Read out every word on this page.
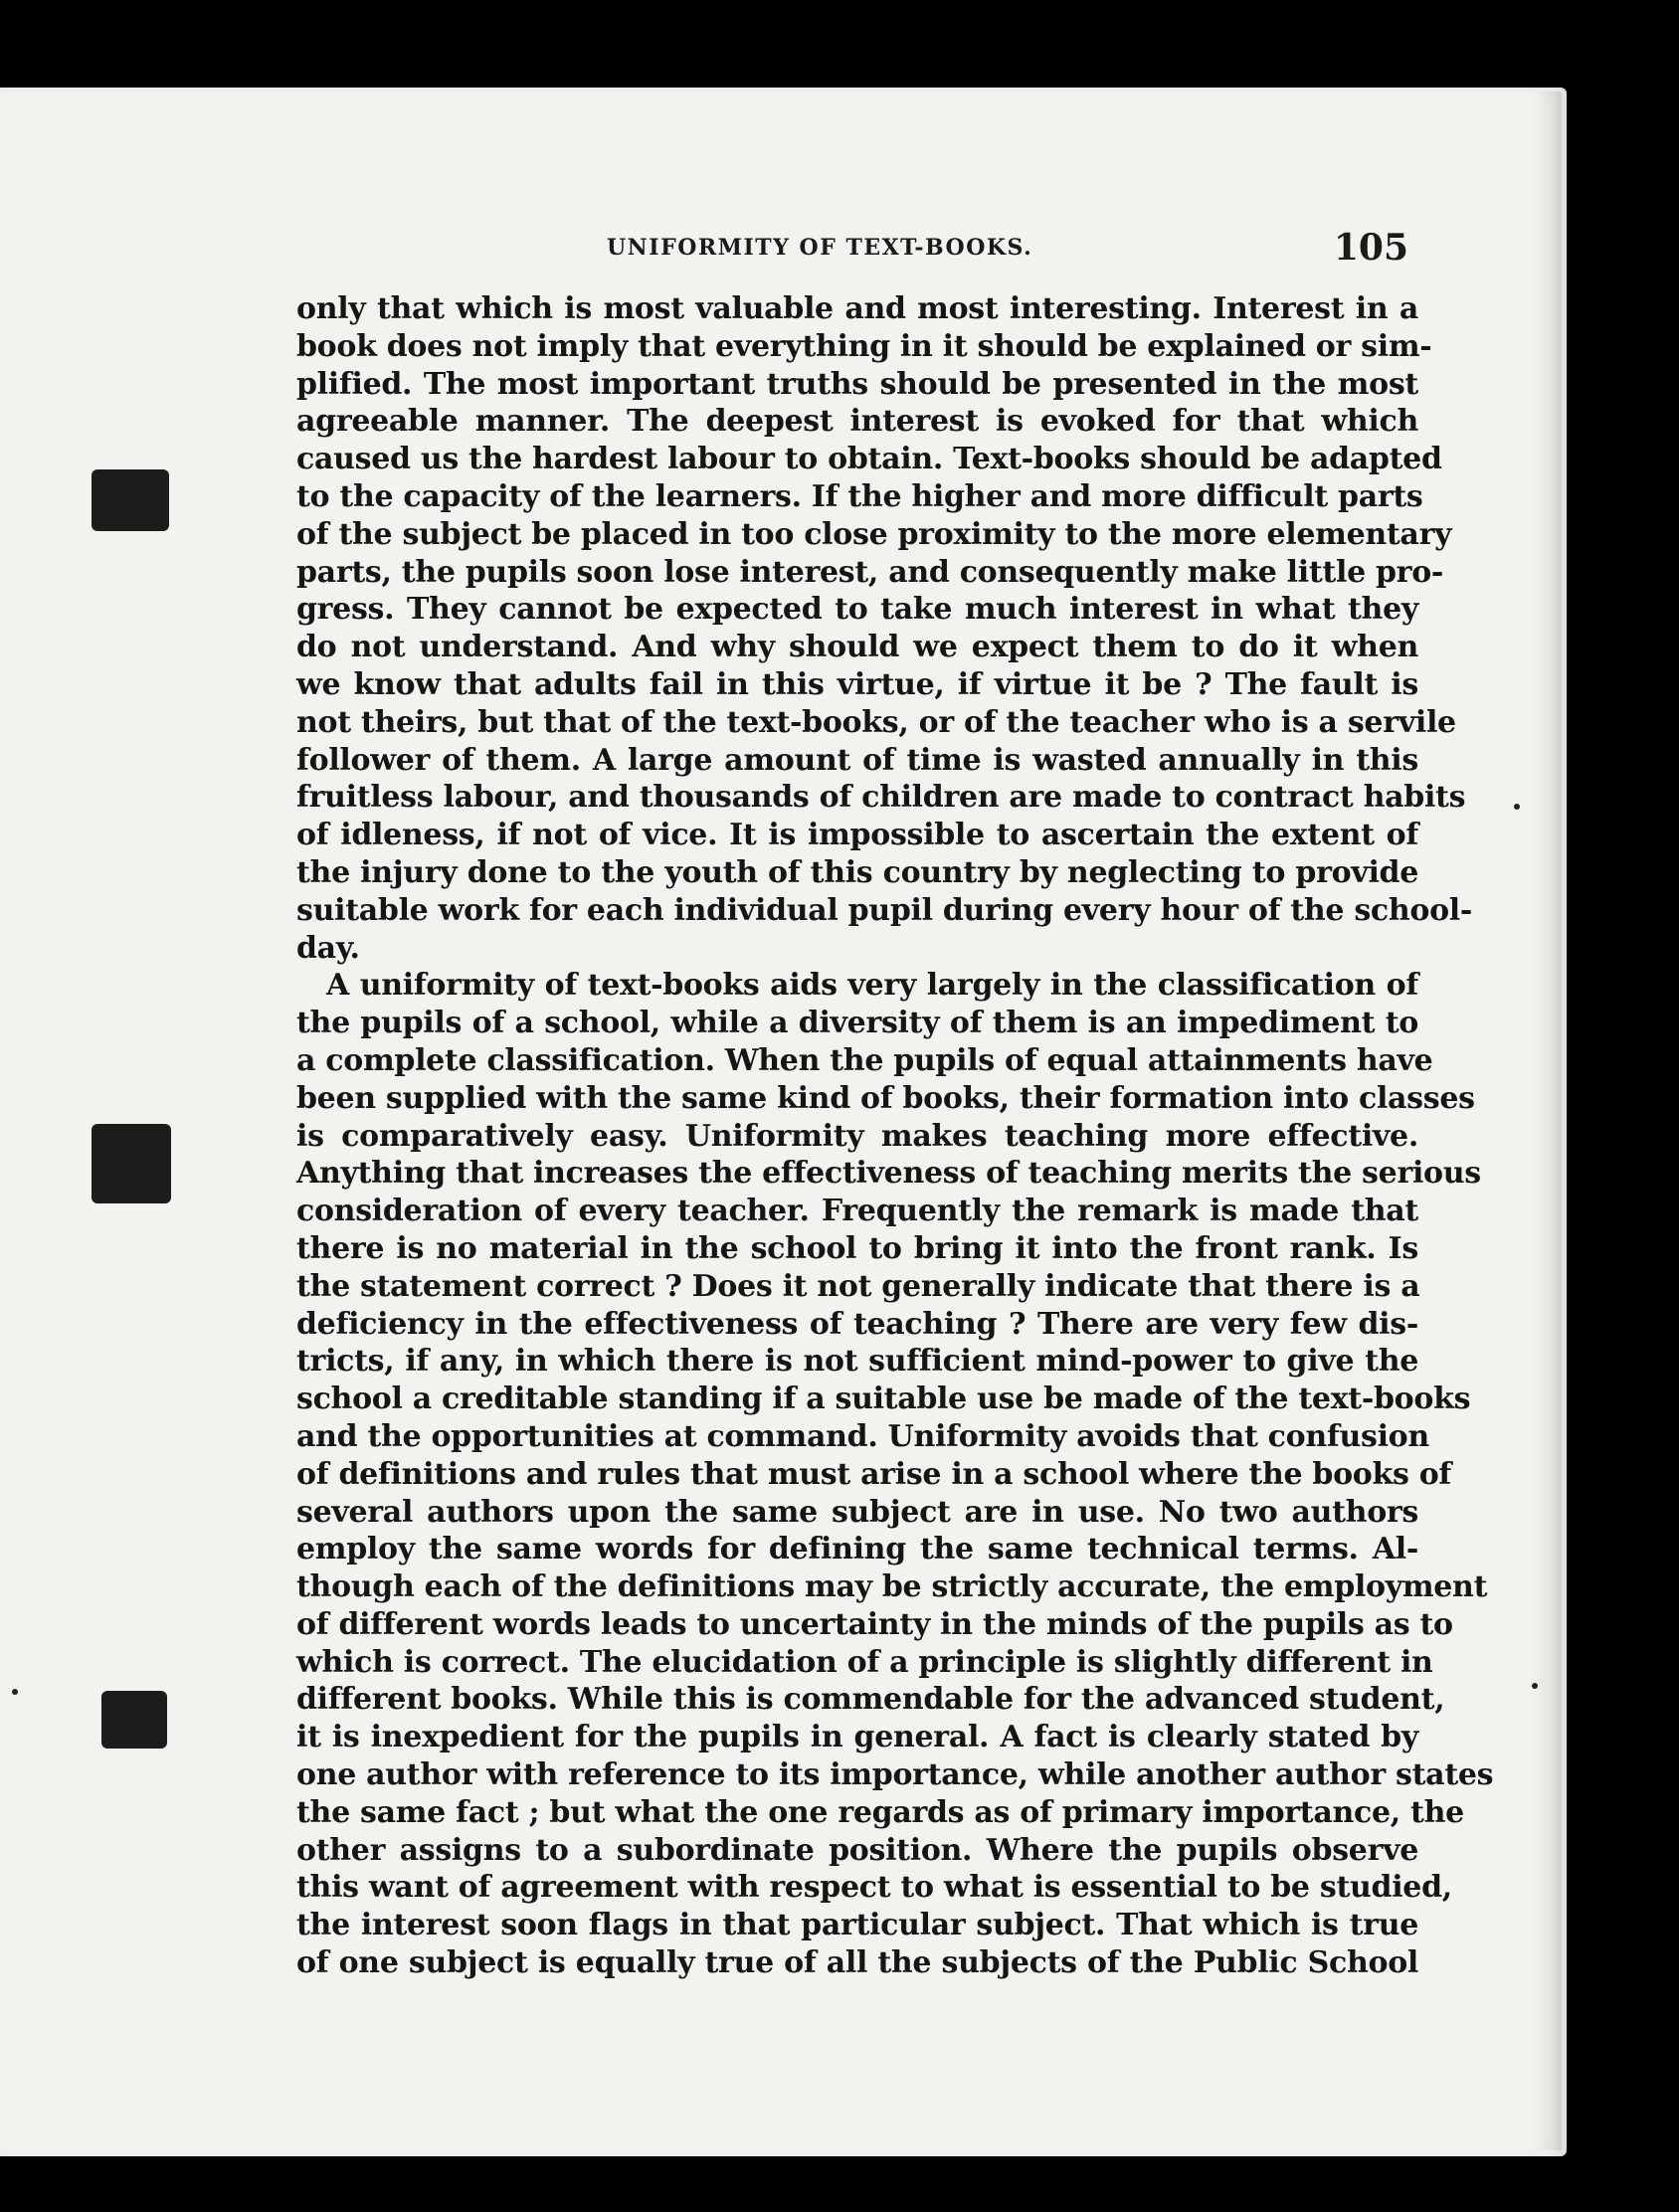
UNIFORMITY OF TEXT-BOOKS.	105
only that which is most valuable and most interesting. Interest in a
book does not imply that everything in it should be explained or sim-
plified. The most important truths should be presented in the most
agreeable manner. The deepest interest is evoked for that which
caused us the hardest labour to obtain. Text-books should be adapted
to the capacity of the learners. If the higher and more difficult parts
of the subject be placed in too close proximity to the more elementary
parts, the pupils soon lose interest, and consequently make little pro-
gress. They cannot be expected to take much interest in what they
do not understand. And why should we expect them to do it when
we know that adults fail in this virtue, if virtue it be ? The fault is
not theirs, but that of the text-books, or of the teacher who is a servile
follower of them. A large amount of time is wasted annually in this
fruitless labour, and thousands of children are made to contract habits
of idleness, if not of vice. It is impossible to ascertain the extent of
the injury done to the youth of this country by neglecting to provide
suitable work for each individual pupil during every hour of the school-
day.
A uniformity of text-books aids very largely in the classification of
the pupils of a school, while a diversity of them is an impediment to
a complete classification. When the pupils of equal attainments have
been supplied with the same kind of books, their formation into classes
is comparatively easy. Uniformity makes teaching more effective.
Anything that increases the effectiveness of teaching merits the serious
consideration of every teacher. Frequently the remark is made that
there is no material in the school to bring it into the front rank. Is
the statement correct ? Does it not generally indicate that there is a
deficiency in the effectiveness of teaching ? There are very few dis-
tricts, if any, in which there is not sufficient mind-power to give the
school a creditable standing if a suitable use be made of the text-books
and the opportunities at command. Uniformity avoids that confusion
of definitions and rules that must arise in a school where the books of
several authors upon the same subject are in use. No two authors
employ the same words for defining the same technical terms. Al-
though each of the definitions may be strictly accurate, the employment
of different words leads to uncertainty in the minds of the pupils as to
which is correct. The elucidation of a principle is slightly different in
different books. While this is commendable for the advanced student,
it is inexpedient for the pupils in general. A fact is clearly stated by
one author with reference to its importance, while another author states
the same fact ; but what the one regards as of primary importance, the
other assigns to a subordinate position. Where the pupils observe
this want of agreement with respect to what is essential to be studied,
the interest soon flags in that particular subject. That which is true
of one subject is equally true of all the subjects of the Public School
